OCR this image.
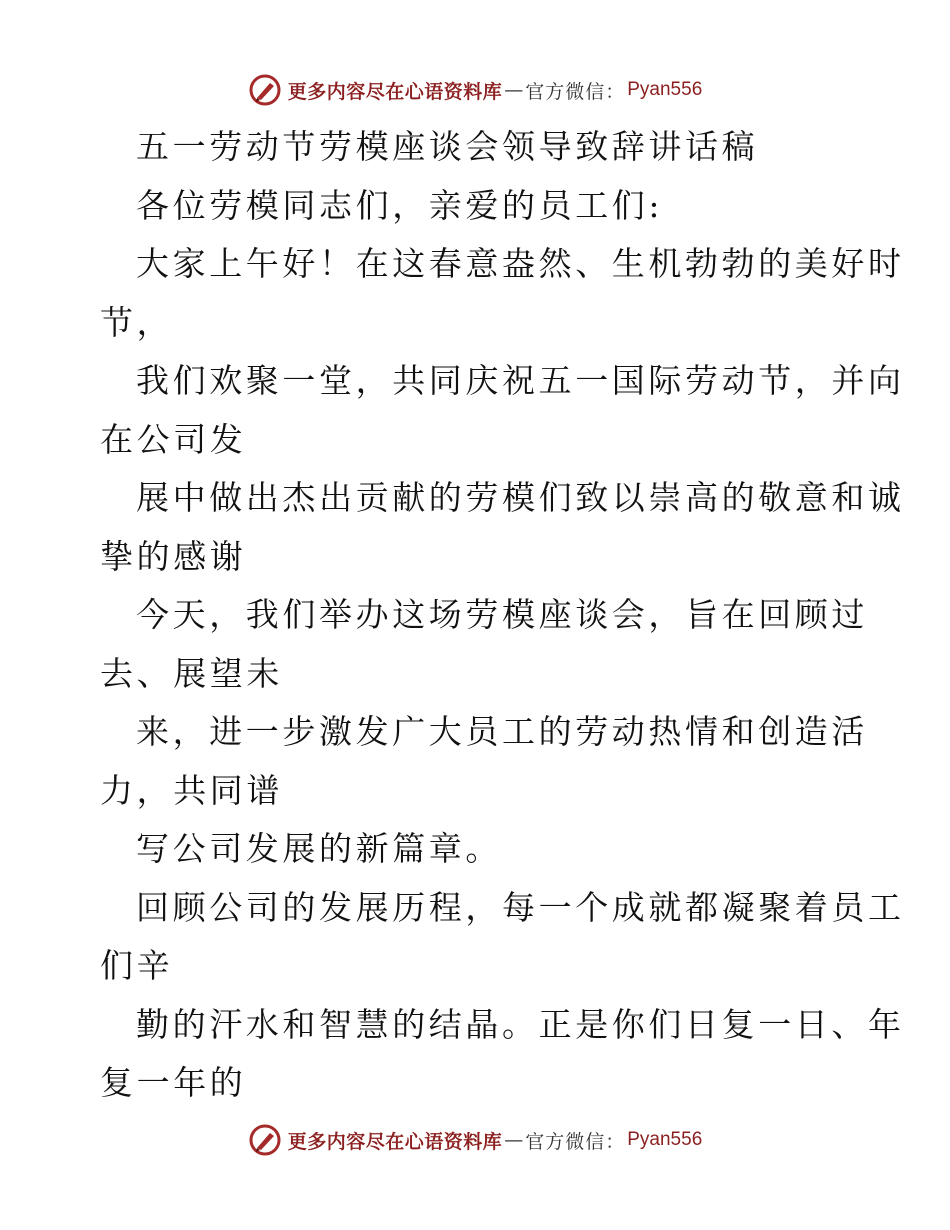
更多内容尽在心语资料库 — 官方微信： Pyan556
五一劳动节劳模座谈会领导致辞讲话稿
各位劳模同志们，亲爱的员工们:
大家上午好！在这春意盎然、生机勃勃的美好时
节，
我们欢聚一堂，共同庆祝五一国际劳动节，并向
在公司发
展中做出杰出贡献的劳模们致以崇高的敬意和诚
挚的感谢
今天，我们举办这场劳模座谈会，旨在回顾过
去、展望未
来，进一步激发广大员工的劳动热情和创造活
力，共同谱
写公司发展的新篇章。
回顾公司的发展历程，每一个成就都凝聚着员工
们辛
勤的汗水和智慧的结晶。正是你们日复一日、年
复一年的
更多内容尽在心语资料库 — 官方微信： Pyan556
